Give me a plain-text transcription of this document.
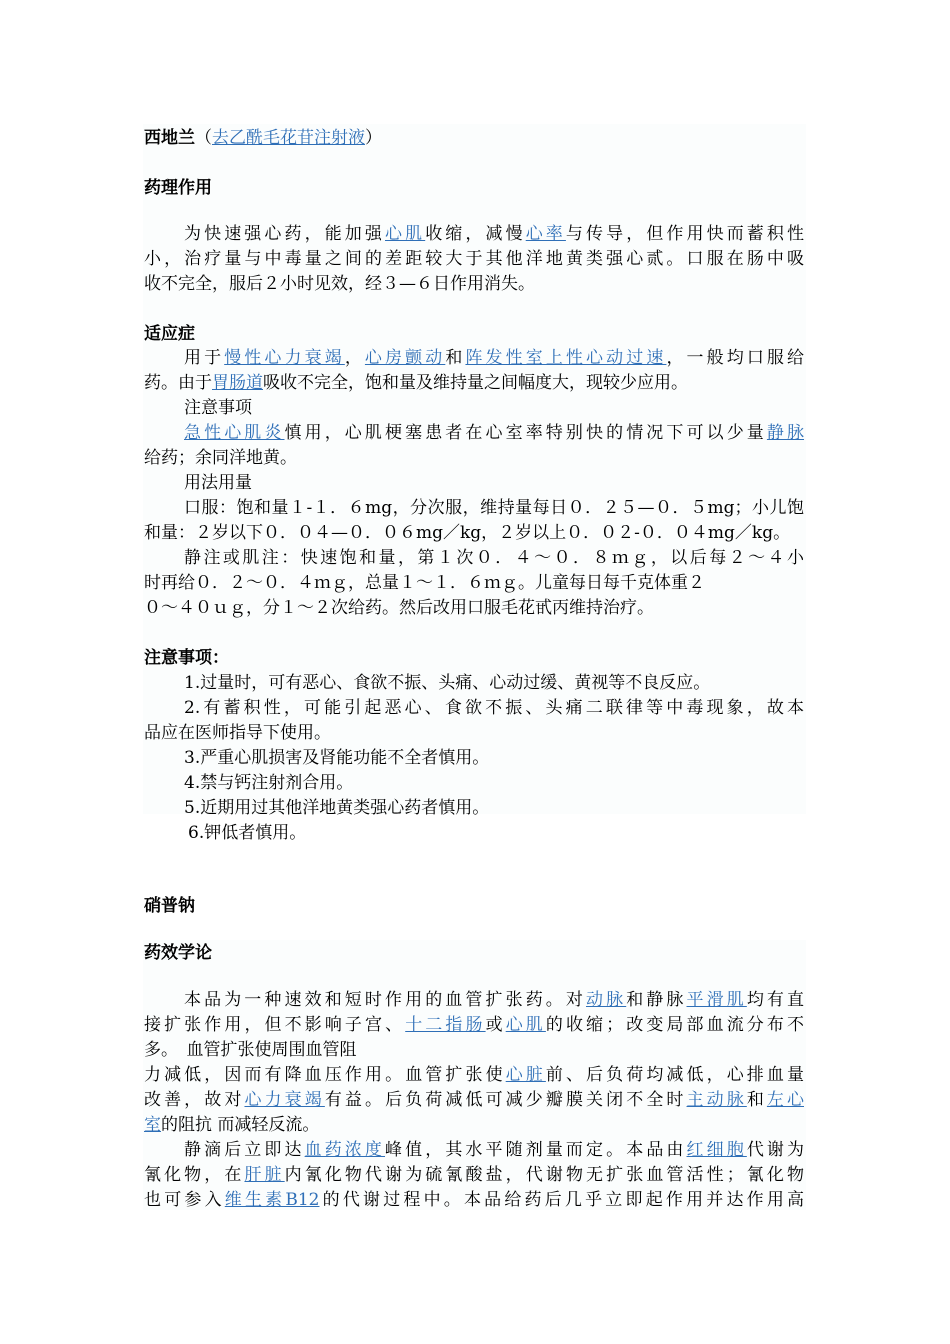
西地兰（去乙酰毛花苷注射液）
药理作用
为快速强心药，能加强心肌收缩，减慢心率与传导，但作用快而蓄积性
小，治疗量与中毒量之间的差距较大于其他洋地黄类强心贰。口服在肠中吸
收不完全，服后２小时见效，经３—６日作用消失。
适应症
用于慢性心力衰竭，心房颤动和阵发性室上性心动过速，一般均口服给
药。由于胃肠道吸收不完全，饱和量及维持量之间幅度大，现较少应用。
注意事项
急性心肌炎慎用，心肌梗塞患者在心室率特别快的情况下可以少量静脉
给药；余同洋地黄。
用法用量
口服：饱和量１-１．６mg，分次服，维持量每日０．２５—０．５mg；小儿饱
和量：２岁以下０．０４—０．０６mg／kg，２岁以上０．０２-０．０４mg／kg。
静注或肌注：快速饱和量，第１次０．４～０．８ｍｇ，以后每２～４小
时再给０．２～０．４ｍｇ，总量１～１．６ｍｇ。儿童每日每千克体重２
０～４０ｕｇ，分１～２次给药。然后改用口服毛花甙丙维持治疗。
注意事项：
1.过量时，可有恶心、食欲不振、头痛、心动过缓、黄视等不良反应。
2.有蓄积性，可能引起恶心、食欲不振、头痛二联律等中毒现象，故本
品应在医师指导下使用。
3.严重心肌损害及肾能功能不全者慎用。
4.禁与钙注射剂合用。
5.近期用过其他洋地黄类强心药者慎用。
6.钾低者慎用。
硝普钠
药效学论
本品为一种速效和短时作用的血管扩张药。对动脉和静脉平滑肌均有直
接扩张作用，但不影响子宫、十二指肠或心肌的收缩；改变局部血流分布不
多。　血管扩张使周围血管阻
力减低，因而有降血压作用。血管扩张使心脏前、后负荷均减低，心排血量
改善，故对心力衰竭有益。后负荷减低可减少瓣膜关闭不全时主动脉和左心
室的阻抗 而减轻反流。
静滴后立即达血药浓度峰值，其水平随剂量而定。本品由红细胞代谢为
氰化物，在肝脏内氰化物代谢为硫氰酸盐，代谢物无扩张血管活性；氰化物
也可参入维生素B12的代谢过程中。本品给药后几乎立即起作用并达作用高
